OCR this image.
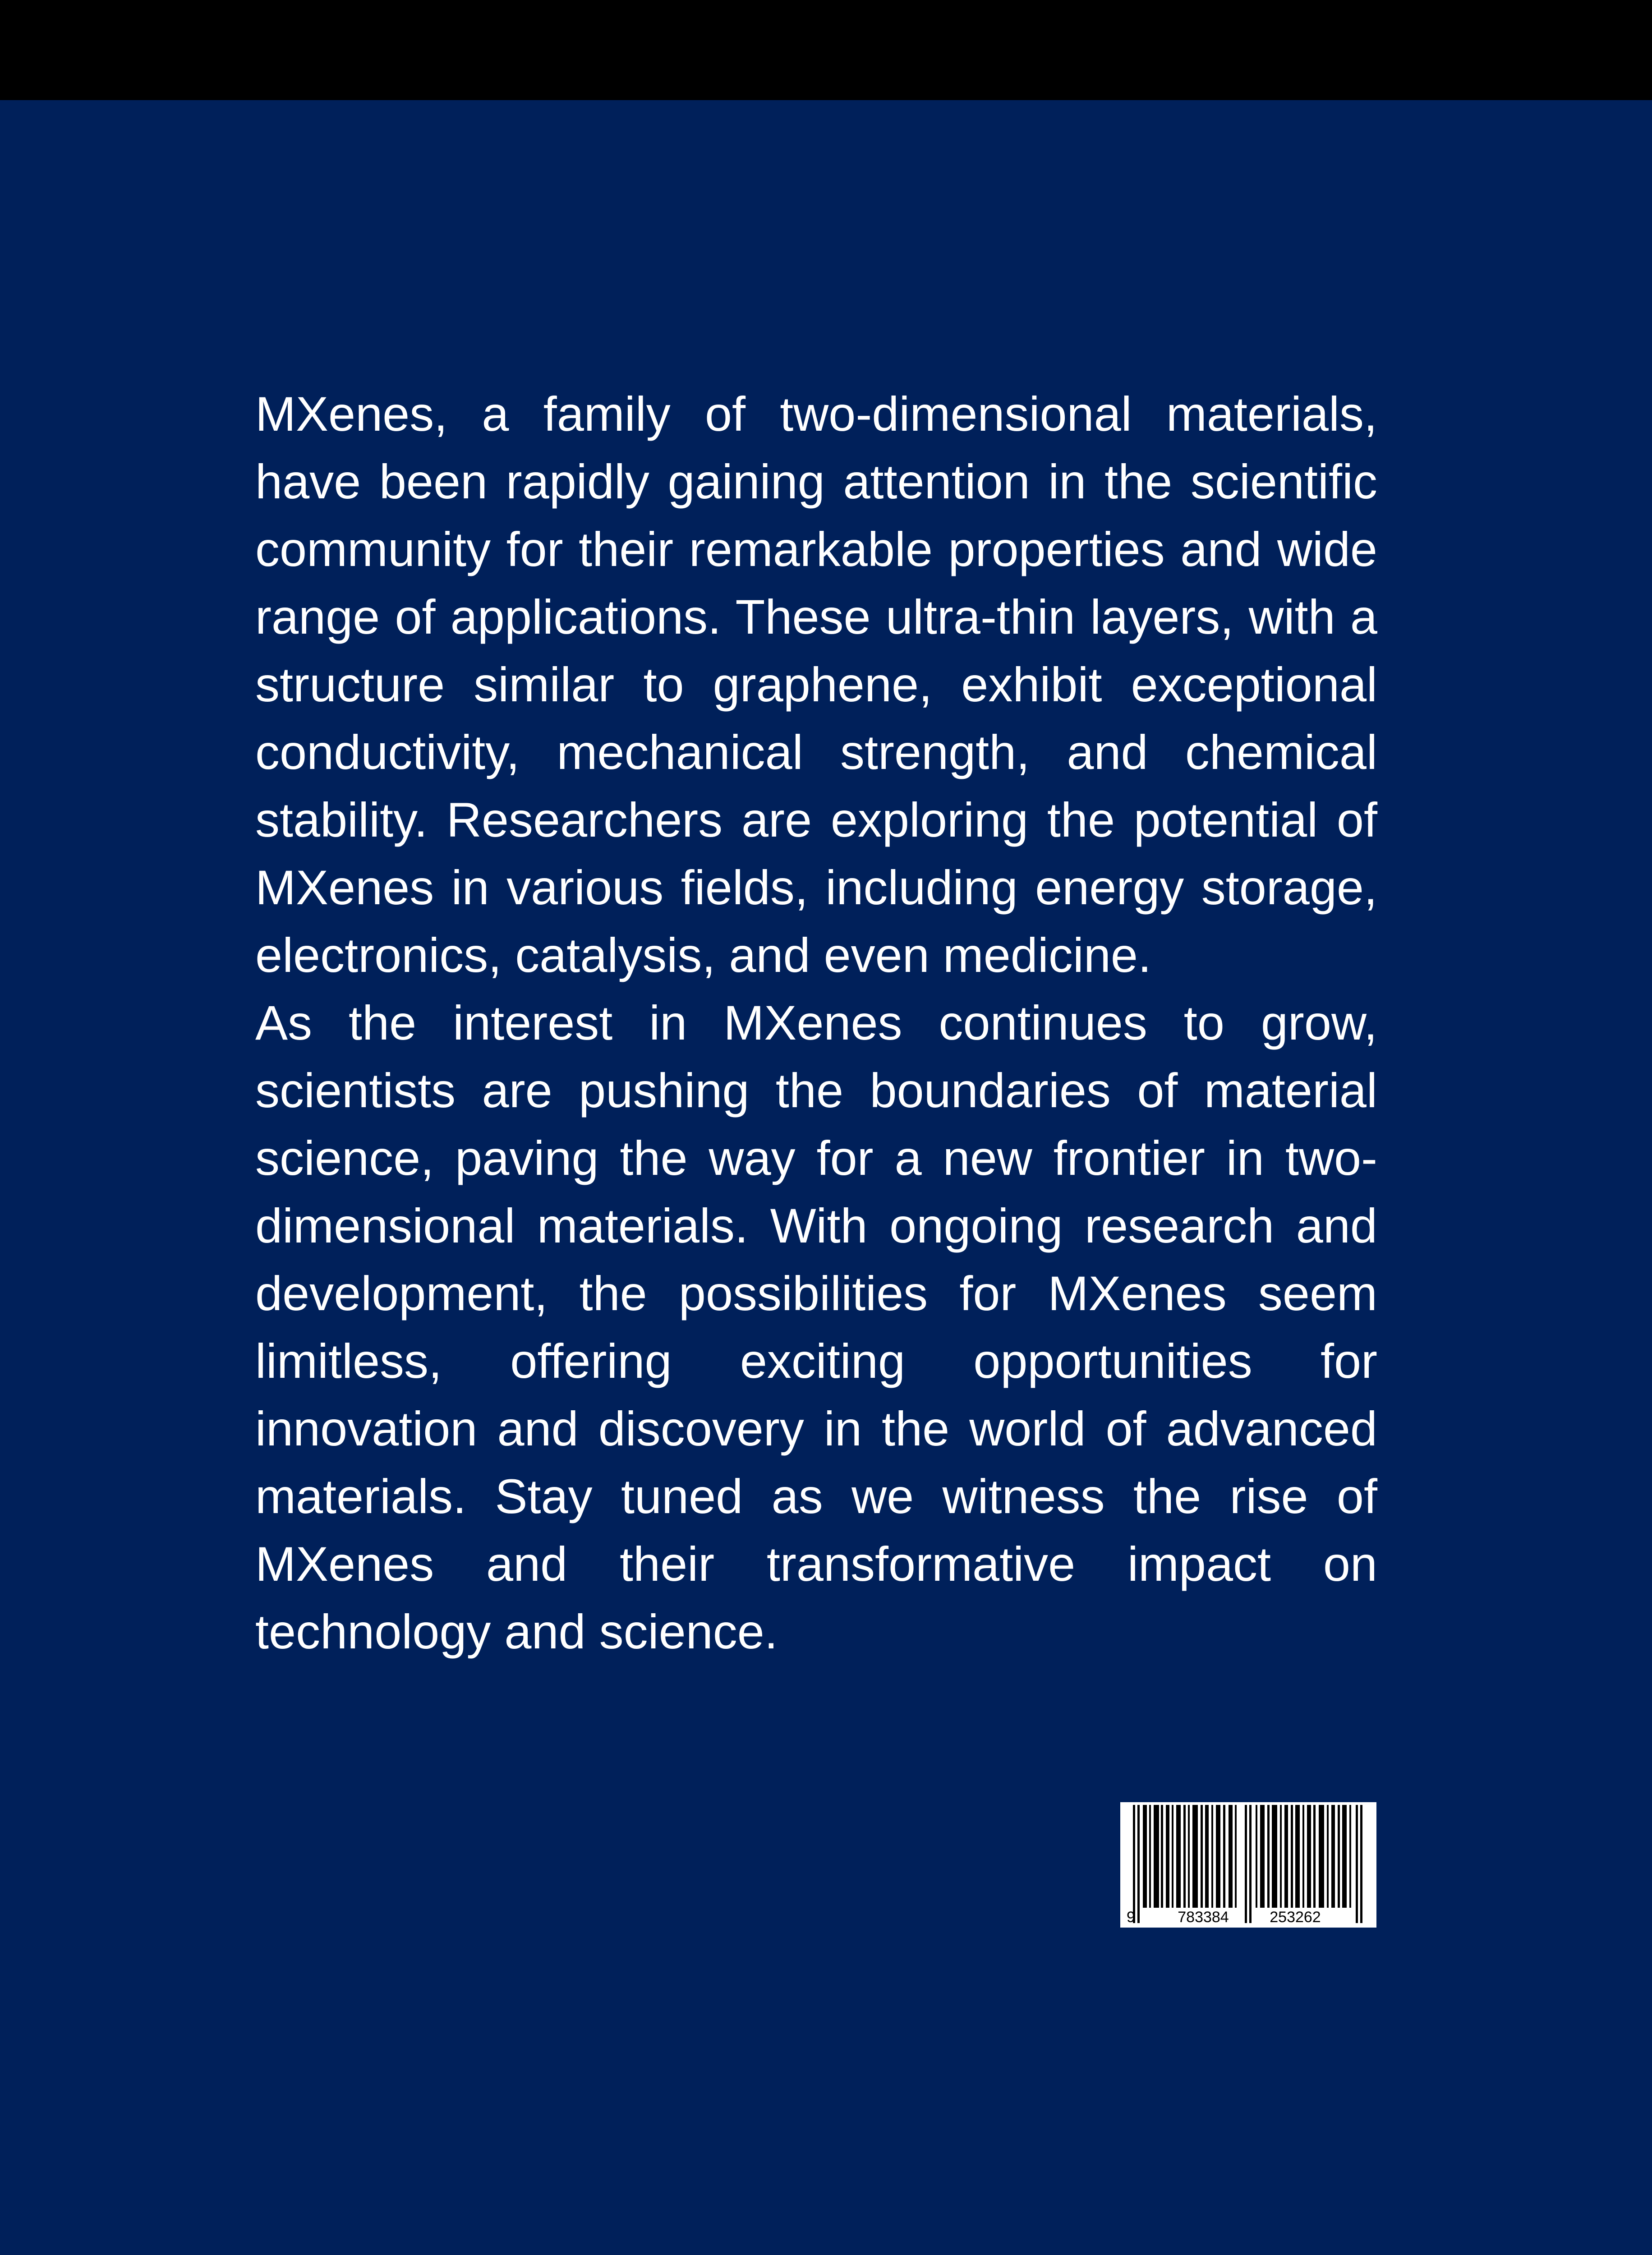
MXenes, a family of two-dimensional materials, have been rapidly gaining attention in the scientific community for their remarkable properties and wide range of applications. These ultra-thin layers, with a structure similar to graphene, exhibit exceptional conductivity, mechanical strength, and chemical stability. Researchers are exploring the potential of MXenes in various fields, including energy storage, electronics, catalysis, and even medicine.

As the interest in MXenes continues to grow, scientists are pushing the boundaries of material science, paving the way for a new frontier in two-dimensional materials. With ongoing research and development, the possibilities for MXenes seem limitless, offering exciting opportunities for innovation and discovery in the world of advanced materials. Stay tuned as we witness the rise of MXenes and their transformative impact on technology and science.

9	783384	253262
